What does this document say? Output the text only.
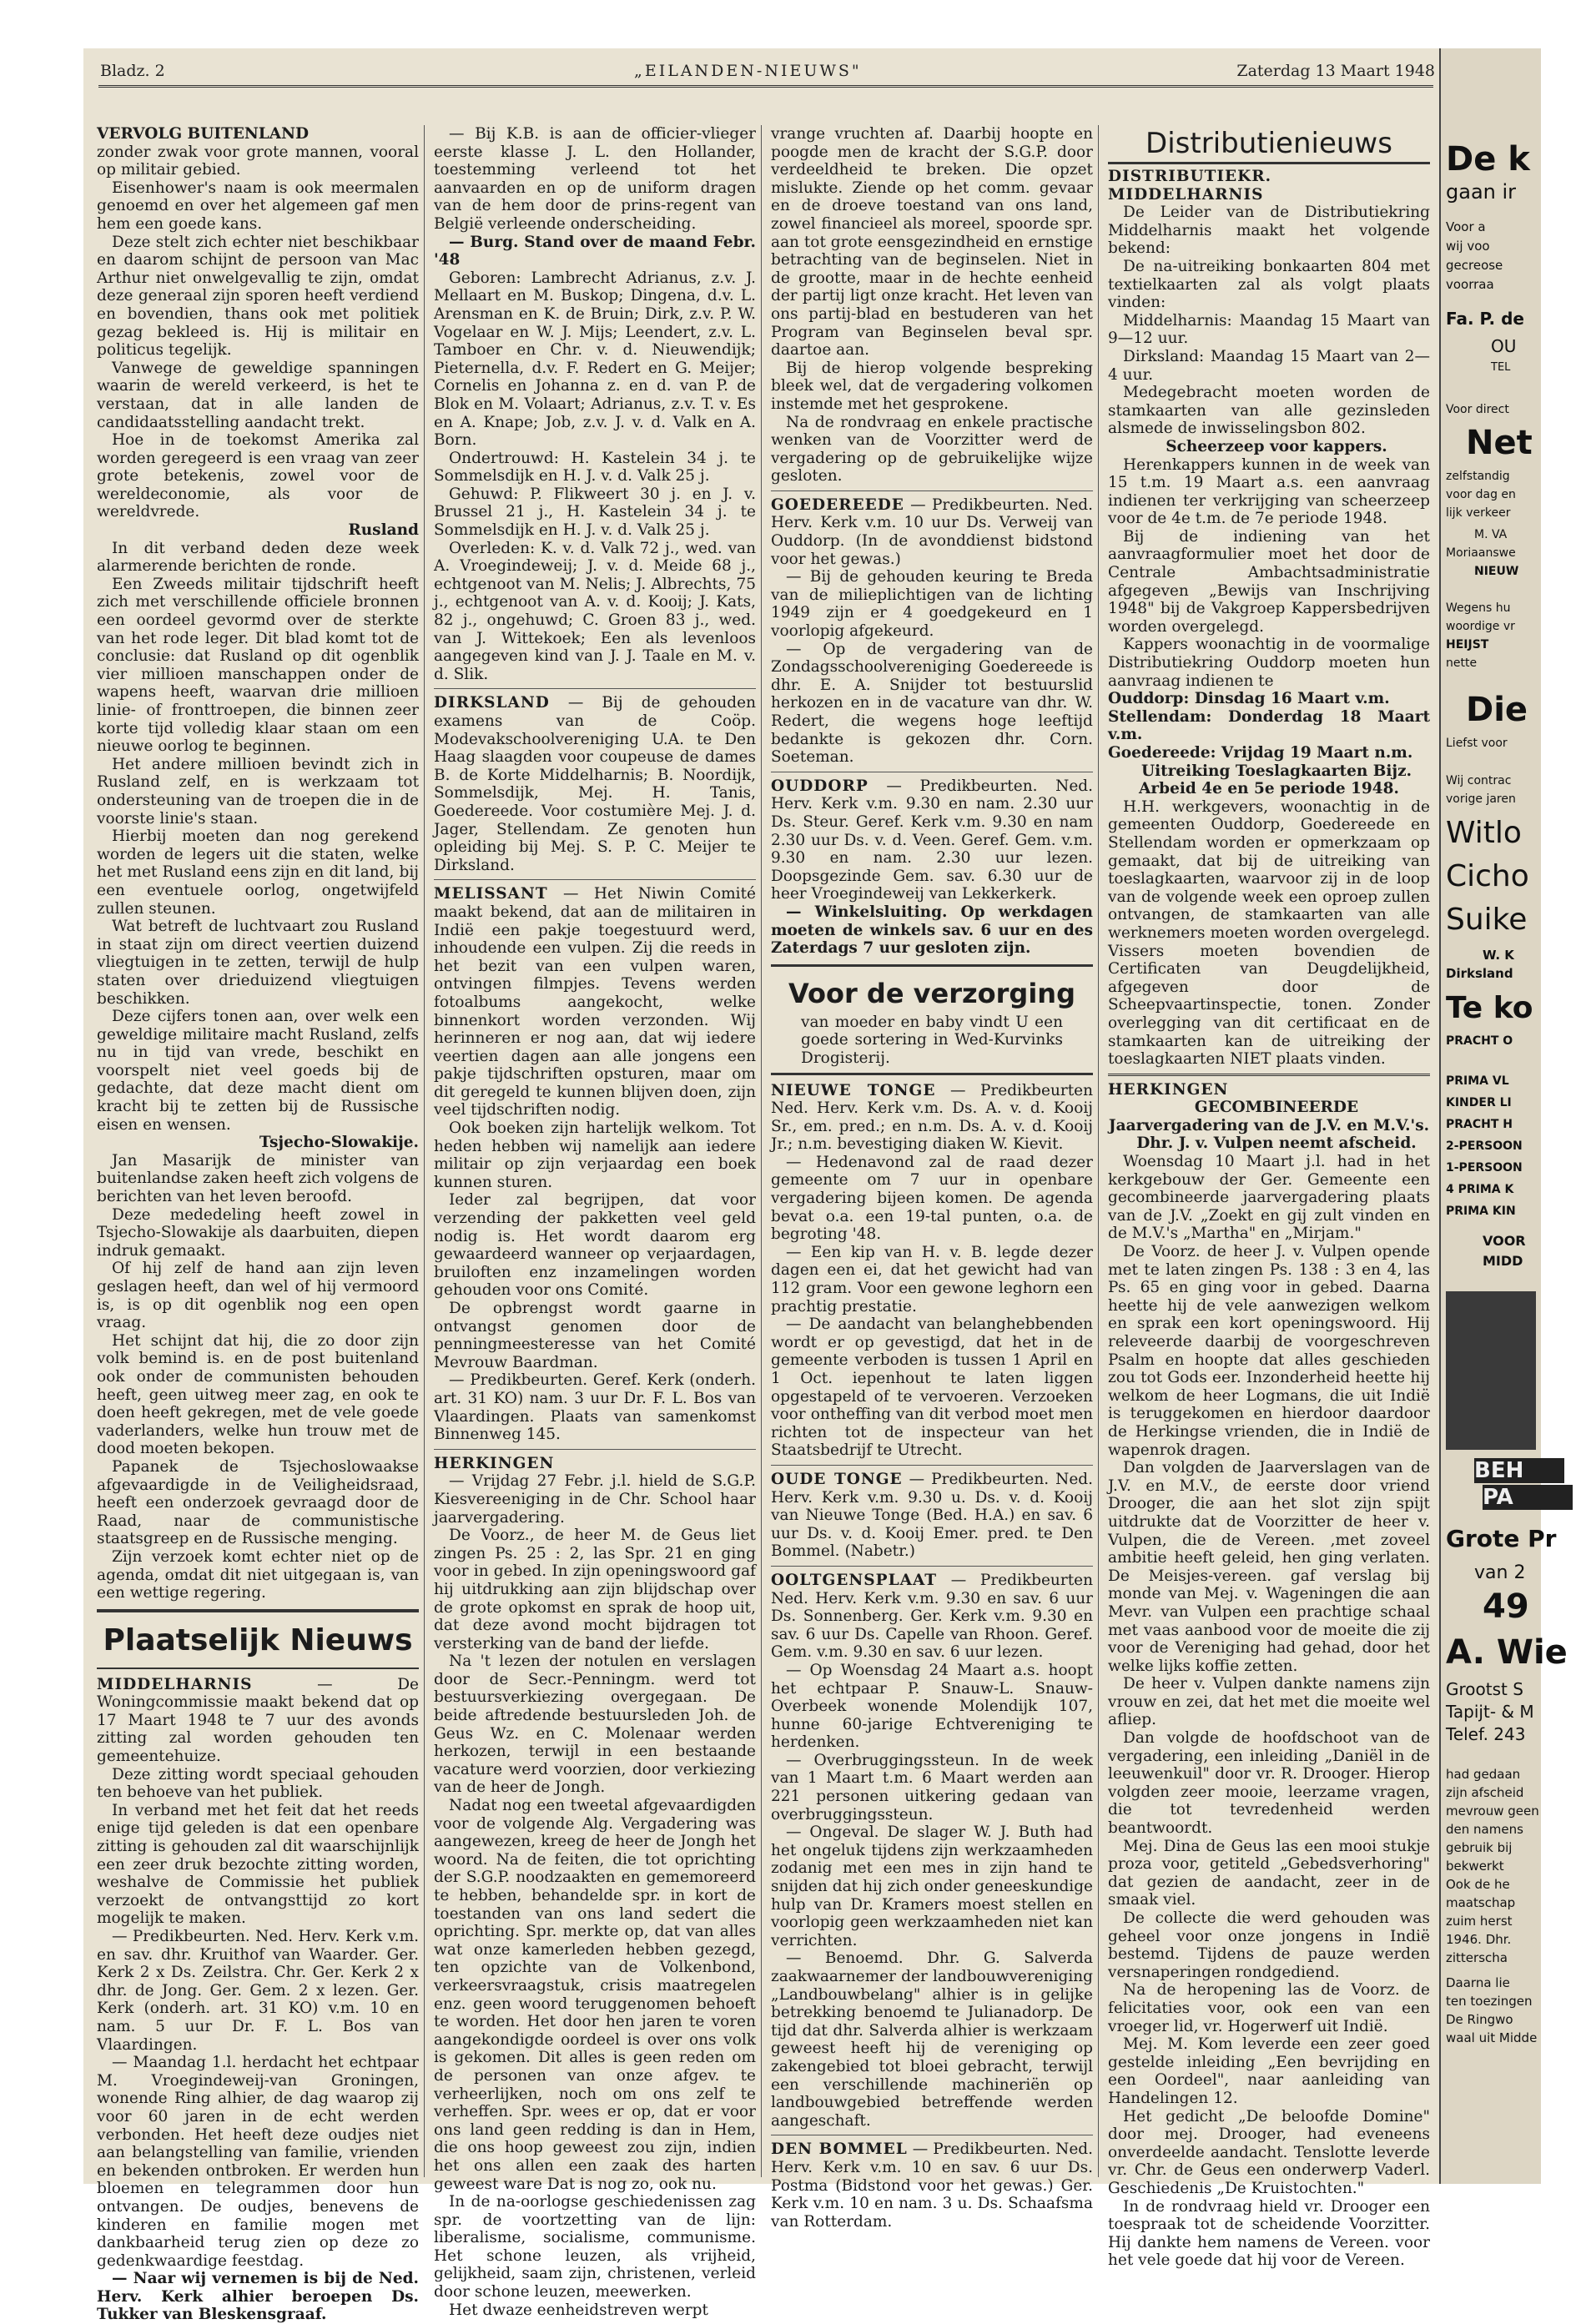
Bladz. 2	„EILANDEN-NIEUWS"	Zaterdag 13 Maart 1948

VERVOLG BUITENLAND

zonder zwak voor grote mannen, vooral op militair gebied.

Eisenhower's naam is ook meermalen genoemd en over het algemeen gaf men hem een goede kans.

Deze stelt zich echter niet beschikbaar en daarom schijnt de persoon van Mac Arthur niet onwelgevallig te zijn, omdat deze generaal zijn sporen heeft verdiend en bovendien, thans ook met politiek gezag bekleed is. Hij is militair en politicus tegelijk.

Vanwege de geweldige spanningen waarin de wereld verkeerd, is het te verstaan, dat in alle landen de candidaatsstelling aandacht trekt.

Hoe in de toekomst Amerika zal worden geregeerd is een vraag van zeer grote betekenis, zowel voor de wereldeconomie, als voor de wereldvrede.

Rusland

In dit verband deden deze week alarmerende berichten de ronde.

Een Zweeds militair tijdschrift heeft zich met verschillende officiele bronnen een oordeel gevormd over de sterkte van het rode leger. Dit blad komt tot de conclusie: dat Rusland op dit ogenblik vier millioen manschappen onder de wapens heeft, waarvan drie millioen linie- of fronttroepen, die binnen zeer korte tijd volledig klaar staan om een nieuwe oorlog te beginnen.

Het andere millioen bevindt zich in Rusland zelf, en is werkzaam tot ondersteuning van de troepen die in de voorste linie's staan.

Hierbij moeten dan nog gerekend worden de legers uit die staten, welke het met Rusland eens zijn en dit land, bij een eventuele oorlog, ongetwijfeld zullen steunen.

Wat betreft de luchtvaart zou Rusland in staat zijn om direct veertien duizend vliegtuigen in te zetten, terwijl de hulp staten over drieduizend vliegtuigen beschikken.

Deze cijfers tonen aan, over welk een geweldige militaire macht Rusland, zelfs nu in tijd van vrede, beschikt en voorspelt niet veel goeds bij de gedachte, dat deze macht dient om kracht bij te zetten bij de Russische eisen en wensen.

Tsjecho-Slowakije.

Jan Masarijk de minister van buitenlandse zaken heeft zich volgens de berichten van het leven beroofd.

Deze mededeling heeft zowel in Tsjecho-Slowakije als daarbuiten, diepen indruk gemaakt.

Of hij zelf de hand aan zijn leven geslagen heeft, dan wel of hij vermoord is, is op dit ogenblik nog een open vraag.

Het schijnt dat hij, die zo door zijn volk bemind is. en de post buitenland ook onder de communisten behouden heeft, geen uitweg meer zag, en ook te doen heeft gekregen, met de vele goede vaderlanders, welke hun trouw met de dood moeten bekopen.

Papanek de Tsjechoslowaakse afgevaardigde in de Veiligheidsraad, heeft een onderzoek gevraagd door de Raad, naar de communistische staatsgreep en de Russische menging.

Zijn verzoek komt echter niet op de agenda, omdat dit niet uitgegaan is, van een wettige regering.

Plaatselijk Nieuws

MIDDELHARNIS	— De Woningcommissie maakt bekend dat op 17 Maart 1948 te 7 uur des avonds zitting zal worden gehouden ten gemeentehuize.

Deze zitting wordt speciaal gehouden ten behoeve van het publiek.

In verband met het feit dat het reeds enige tijd geleden is dat een openbare zitting is gehouden zal dit waarschijnlijk een zeer druk bezochte zitting worden, weshalve de Commissie het publiek verzoekt de ontvangsttijd zo kort mogelijk te maken.

— Predikbeurten. Ned. Herv. Kerk v.m. en sav. dhr. Kruithof van Waarder. Ger. Kerk 2 x Ds. Zeilstra. Chr. Ger. Kerk 2 x dhr. de Jong. Ger. Gem. 2 x lezen. Ger. Kerk (onderh. art. 31 KO) v.m. 10 en nam. 5 uur Dr. F. L. Bos van Vlaardingen.

— Maandag 1.l. herdacht het echtpaar M. Vroegindeweij-van Groningen, wonende Ring alhier, de dag waarop zij voor 60 jaren in de echt werden verbonden. Het heeft deze oudjes niet aan belangstelling van familie, vrienden en bekenden ontbroken. Er werden hun bloemen en telegrammen door hun ontvangen. De oudjes, benevens de kinderen en familie mogen met dankbaarheid terug zien op deze zo gedenkwaardige feestdag.

— Naar wij vernemen is bij de Ned. Herv. Kerk alhier beroepen Ds. Tukker van Bleskensgraaf.

— Bij K.B. is aan de officier-vlieger eerste klasse J. L. den Hollander, toestemming verleend tot het aanvaarden en op de uniform dragen van de hem door de prins-regent van België verleende onderscheiding.

— Burg. Stand over de maand Febr. '48

Geboren: Lambrecht Adrianus, z.v. J. Mellaart en M. Buskop; Dingena, d.v. L. Arensman en K. de Bruin; Dirk, z.v. P. W. Vogelaar en W. J. Mijs; Leendert, z.v. L. Tamboer en Chr. v. d. Nieuwendijk; Pieternella, d.v. F. Redert en G. Meijer; Cornelis en Johanna z. en d. van P. de Blok en M. Volaart; Adrianus, z.v. T. v. Es en A. Knape; Job, z.v. J. v. d. Valk en A. Born.

Ondertrouwd: H. Kastelein 34 j. te Sommelsdijk en H. J. v. d. Valk 25 j.

Gehuwd: P. Flikweert 30 j. en J. v. Brussel 21 j., H. Kastelein 34 j. te Sommelsdijk en H. J. v. d. Valk 25 j.

Overleden: K. v. d. Valk 72 j., wed. van A. Vroegindeweij; J. v. d. Meide 68 j., echtgenoot van M. Nelis; J. Albrechts, 75 j., echtgenoot van A. v. d. Kooij; J. Kats, 82 j., ongehuwd; C. Groen 83 j., wed. van J. Wittekoek; Een als levenloos aangegeven kind van J. J. Taale en M. v. d. Slik.

DIRKSLAND — Bij de gehouden examens van de Coöp. Modevakschoolvereniging U.A. te Den Haag slaagden voor coupeuse de dames B. de Korte Middelharnis; B. Noordijk, Sommelsdijk, Mej. H. Tanis, Goedereede. Voor costumière Mej. J. d. Jager, Stellendam. Ze genoten hun opleiding bij Mej. S. P. C. Meijer te Dirksland.

MELISSANT — Het Niwin Comité maakt bekend, dat aan de militairen in Indië een pakje toegestuurd werd, inhoudende een vulpen. Zij die reeds in het bezit van een vulpen waren, ontvingen filmpjes. Tevens werden fotoalbums aangekocht, welke binnenkort worden verzonden. Wij herinneren er nog aan, dat wij iedere veertien dagen aan alle jongens een pakje tijdschriften opsturen, maar om dit geregeld te kunnen blijven doen, zijn veel tijdschriften nodig.

Ook boeken zijn hartelijk welkom. Tot heden hebben wij namelijk aan iedere militair op zijn verjaardag een boek kunnen sturen.

Ieder zal begrijpen, dat voor verzending der pakketten veel geld nodig is. Het wordt daarom erg gewaardeerd wanneer op verjaardagen, bruiloften enz inzamelingen worden gehouden voor ons Comité.

De opbrengst wordt gaarne in ontvangst genomen door de penningmeesteresse van het Comité Mevrouw Baardman.

— Predikbeurten. Geref. Kerk (onderh. art. 31 KO) nam. 3 uur Dr. F. L. Bos van Vlaardingen. Plaats van samenkomst Binnenweg 145.

HERKINGEN

— Vrijdag 27 Febr. j.l. hield de S.G.P. Kiesvereeniging in de Chr. School haar jaarvergadering.

De Voorz., de heer M. de Geus liet zingen Ps. 25 : 2, las Spr. 21 en ging voor in gebed. In zijn openingswoord gaf hij uitdrukking aan zijn blijdschap over de grote opkomst en sprak de hoop uit, dat deze avond mocht bijdragen tot versterking van de band der liefde.

Na 't lezen der notulen en verslagen door de Secr.-Penningm. werd tot bestuursverkiezing overgegaan. De beide aftredende bestuursleden Joh. de Geus Wz. en C. Molenaar werden herkozen, terwijl in een bestaande vacature werd voorzien, door verkiezing van de heer de Jongh.

Nadat nog een tweetal afgevaardigden voor de volgende Alg. Vergadering was aangewezen, kreeg de heer de Jongh het woord. Na de feiten, die tot oprichting der S.G.P. noodzaakten en gememoreerd te hebben, behandelde spr. in kort de toestanden van ons land sedert die oprichting. Spr. merkte op, dat van alles wat onze kamerleden hebben gezegd, ten opzichte van de Volkenbond, verkeersvraagstuk, crisis maatregelen enz. geen woord teruggenomen behoeft te worden. Het door hen jaren te voren aangekondigde oordeel is over ons volk is gekomen. Dit alles is geen reden om de personen van onze afgev. te verheerlijken, noch om ons zelf te verheffen. Spr. wees er op, dat er voor ons land geen redding is dan in Hem, die ons hoop geweest zou zijn, indien het ons allen een zaak des harten geweest ware Dat is nog zo, ook nu.

In de na-oorlogse geschiedenissen zag spr. de voortzetting van de lijn: liberalisme, socialisme, communisme. Het schone leuzen, als vrijheid, gelijkheid, saam zijn, christenen, verleid door schone leuzen, meewerken.

Het dwaze eenheidstreven werpt

vrange vruchten af. Daarbij hoopte en poogde men de kracht der S.G.P. door verdeeldheid te breken. Die opzet mislukte. Ziende op het comm. gevaar en de droeve toestand van ons land, zowel financieel als moreel, spoorde spr. aan tot grote eensgezindheid en ernstige betrachting van de beginselen. Niet in de grootte, maar in de hechte eenheid der partij ligt onze kracht. Het leven van ons partij-blad en bestuderen van het Program van Beginselen beval spr. daartoe aan.

Bij de hierop volgende bespreking bleek wel, dat de vergadering volkomen instemde met het gesprokene.

Na de rondvraag en enkele practische wenken van de Voorzitter werd de vergadering op de gebruikelijke wijze gesloten.

GOEDEREEDE — Predikbeurten. Ned. Herv. Kerk v.m. 10 uur Ds. Verweij van Ouddorp. (In de avonddienst bidstond voor het gewas.)

— Bij de gehouden keuring te Breda van de milieplichtigen van de lichting 1949 zijn er 4 goedgekeurd en 1 voorlopig afgekeurd.

— Op de vergadering van de Zondagsschoolvereniging Goedereede is dhr. E. A. Snijder tot bestuurslid herkozen en in de vacature van dhr. W. Redert, die wegens hoge leeftijd bedankte is gekozen dhr. Corn. Soeteman.

OUDDORP — Predikbeurten. Ned. Herv. Kerk v.m. 9.30 en nam. 2.30 uur Ds. Steur. Geref. Kerk v.m. 9.30 en nam 2.30 uur Ds. v. d. Veen. Geref. Gem. v.m. 9.30 en nam. 2.30 uur lezen. Doopsgezinde Gem. sav. 6.30 uur de heer Vroegindeweij van Lekkerkerk.

— Winkelsluiting. Op werkdagen moeten de winkels sav. 6 uur en des Zaterdags 7 uur gesloten zijn.

Voor de verzorging

van moeder en baby vindt U een goede sortering in Wed-Kurvinks Drogisterij.

NIEUWE TONGE — Predikbeurten Ned. Herv. Kerk v.m. Ds. A. v. d. Kooij Sr., em. pred.; en n.m. Ds. A. v. d. Kooij Jr.; n.m. bevestiging diaken W. Kievit.

— Hedenavond zal de raad dezer gemeente om 7 uur in openbare vergadering bijeen komen. De agenda bevat o.a. een 19-tal punten, o.a. de begroting '48.

— Een kip van H. v. B. legde dezer dagen een ei, dat het gewicht had van 112 gram. Voor een gewone leghorn een prachtig prestatie.

— De aandacht van belanghebbenden wordt er op gevestigd, dat het in de gemeente verboden is tussen 1 April en 1 Oct. iepenhout te laten liggen opgestapeld of te vervoeren. Verzoeken voor ontheffing van dit verbod moet men richten tot de inspecteur van het Staatsbedrijf te Utrecht.

OUDE TONGE — Predikbeurten. Ned. Herv. Kerk v.m. 9.30 u. Ds. v. d. Kooij van Nieuwe Tonge (Bed. H.A.) en sav. 6 uur Ds. v. d. Kooij Emer. pred. te Den Bommel. (Nabetr.)

OOLTGENSPLAAT — Predikbeurten Ned. Herv. Kerk v.m. 9.30 en sav. 6 uur Ds. Sonnenberg. Ger. Kerk v.m. 9.30 en sav. 6 uur Ds. Capelle van Rhoon. Geref. Gem. v.m. 9.30 en sav. 6 uur lezen.

— Op Woensdag 24 Maart a.s. hoopt het echtpaar P. Snauw-L. Snauw-Overbeek wonende Molendijk 107, hunne 60-jarige Echtvereniging te herdenken.

— Overbruggingssteun. In de week van 1 Maart t.m. 6 Maart werden aan 221 personen uitkering gedaan van overbruggingssteun.

— Ongeval. De slager W. J. Buth had het ongeluk tijdens zijn werkzaamheden zodanig met een mes in zijn hand te snijden dat hij zich onder geneeskundige hulp van Dr. Kramers moest stellen en voorlopig geen werkzaamheden niet kan verrichten.

— Benoemd. Dhr. G. Salverda zaakwaarnemer der landbouwvereniging „Landbouwbelang" alhier is in gelijke betrekking benoemd te Julianadorp. De tijd dat dhr. Salverda alhier is werkzaam geweest heeft hij de vereniging op zakengebied tot bloei gebracht, terwijl een verschillende machineriën op landbouwgebied betreffende werden aangeschaft.

DEN BOMMEL — Predikbeurten. Ned. Herv. Kerk v.m. 10 en sav. 6 uur Ds. Postma (Bidstond voor het gewas.) Ger. Kerk v.m. 10 en nam. 3 u. Ds. Schaafsma van Rotterdam.

Distributienieuws

DISTRIBUTIEKR. MIDDELHARNIS

De Leider van de Distributiekring Middelharnis maakt het volgende bekend:

De na-uitreiking bonkaarten 804 met textielkaarten zal als volgt plaats vinden:

Middelharnis: Maandag 15 Maart van 9—12 uur.

Dirksland: Maandag 15 Maart van 2—4 uur.

Medegebracht moeten worden de stamkaarten van alle gezinsleden alsmede de inwisselingsbon 802.

Scheerzeep voor kappers.

Herenkappers kunnen in de week van 15 t.m. 19 Maart a.s. een aanvraag indienen ter verkrijging van scheerzeep voor de 4e t.m. de 7e periode 1948.

Bij de indiening van het aanvraagformulier moet het door de Centrale Ambachtsadministratie afgegeven „Bewijs van Inschrijving 1948" bij de Vakgroep Kappersbedrijven worden overgelegd.

Kappers woonachtig in de voormalige Distributiekring Ouddorp moeten hun aanvraag indienen te

Ouddorp: Dinsdag 16 Maart v.m.

Stellendam: Donderdag 18 Maart v.m.

Goedereede: Vrijdag 19 Maart n.m.

Uitreiking Toeslagkaarten Bijz. Arbeid 4e en 5e periode 1948.

H.H. werkgevers, woonachtig in de gemeenten Ouddorp, Goedereede en Stellendam worden er opmerkzaam op gemaakt, dat bij de uitreiking van toeslagkaarten, waarvoor zij in de loop van de volgende week een oproep zullen ontvangen, de stamkaarten van alle werknemers moeten worden overgelegd. Vissers moeten bovendien de Certificaten van Deugdelijkheid, afgegeven door de Scheepvaartinspectie, tonen. Zonder overlegging van dit certificaat en de stamkaarten kan de uitreiking der toeslagkaarten NIET plaats vinden.

HERKINGEN

GECOMBINEERDE Jaarvergadering van de J.V. en M.V.'s.

Dhr. J. v. Vulpen neemt afscheid.

Woensdag 10 Maart j.l. had in het kerkgebouw der Ger. Gemeente een gecombineerde jaarvergadering plaats van de J.V. „Zoekt en gij zult vinden en de M.V.'s „Martha" en „Mirjam."

De Voorz. de heer J. v. Vulpen opende met te laten zingen Ps. 138 : 3 en 4, las Ps. 65 en ging voor in gebed. Daarna heette hij de vele aanwezigen welkom en sprak een kort openingswoord. Hij releveerde daarbij de voorgeschreven Psalm en hoopte dat alles geschieden zou tot Gods eer. Inzonderheid heette hij welkom de heer Logmans, die uit Indië is teruggekomen en hierdoor daardoor de Herkingse vrienden, die in Indië de wapenrok dragen.

Dan volgden de Jaarverslagen van de J.V. en M.V., de eerste door vriend Drooger, die aan het slot zijn spijt uitdrukte dat de Voorzitter de heer v. Vulpen, die de Vereen. ,met zoveel ambitie heeft geleid, hen ging verlaten. De Meisjes-vereen. gaf verslag bij monde van Mej. v. Wageningen die aan Mevr. van Vulpen een prachtige schaal met vaas aanbood voor de moeite die zij voor de Vereniging had gehad, door het welke lijks koffie zetten.

De heer v. Vulpen dankte namens zijn vrouw en zei, dat het met die moeite wel afliep.

Dan volgde de hoofdschoot van de vergadering, een inleiding „Daniël in de leeuwenkuil" door vr. R. Drooger. Hierop volgden zeer mooie, leerzame vragen, die tot tevredenheid werden beantwoordt.

Mej. Dina de Geus las een mooi stukje proza voor, getiteld „Gebedsverhoring" dat gezien de aandacht, zeer in de smaak viel.

De collecte die werd gehouden was geheel voor onze jongens in Indië bestemd. Tijdens de pauze werden versnaperingen rondgediend.

Na de heropening las de Voorz. de felicitaties voor, ook een van een vroeger lid, vr. Hogerwerf uit Indië.

Mej. M. Kom leverde een zeer goed gestelde inleiding „Een bevrijding en een Oordeel", naar aanleiding van Handelingen 12.

Het gedicht „De beloofde Domine" door mej. Drooger, had eveneens onverdeelde aandacht. Tenslotte leverde vr. Chr. de Geus een onderwerp Vaderl. Geschiedenis „De Kruistochten."

In de rondvraag hield vr. Drooger een toespraak tot de scheidende Voorzitter. Hij dankte hem namens de Vereen. voor het vele goede dat hij voor de Vereen.

De k
gaan ir
Voor a
wij voo
gecreose
voorraa
Fa. P. de
OU
TEL
Voor direct
Net
zelfstandig
voor dag en
lijk verkeer
M. VA
Moriaanswe
NIEUW
Wegens hu
woordige vr
HEIJST
nette
Die
Liefst voor
Wij contrac
vorige jaren
Witlo
Cicho
Suike
W. K
Dirksland
Te ko
PRACHT O
PRIMA VL
KINDER LI
PRACHT H
2-PERSOON
1-PERSOON
4 PRIMA K
PRIMA KIN
VOOR
MIDD
BEH
PA
Grote Pr
van 2
49
A. Wie
Grootst S
Tapijt- & M
Telef. 243
had gedaan
zijn afscheid
mevrouw geen
den namens
gebruik bij
bekwerkt
Ook de he
maatschap
zuim herst
1946. Dhr.
zitterscha
Daarna lie
ten toezingen
De Ringwo
waal uit Midde
